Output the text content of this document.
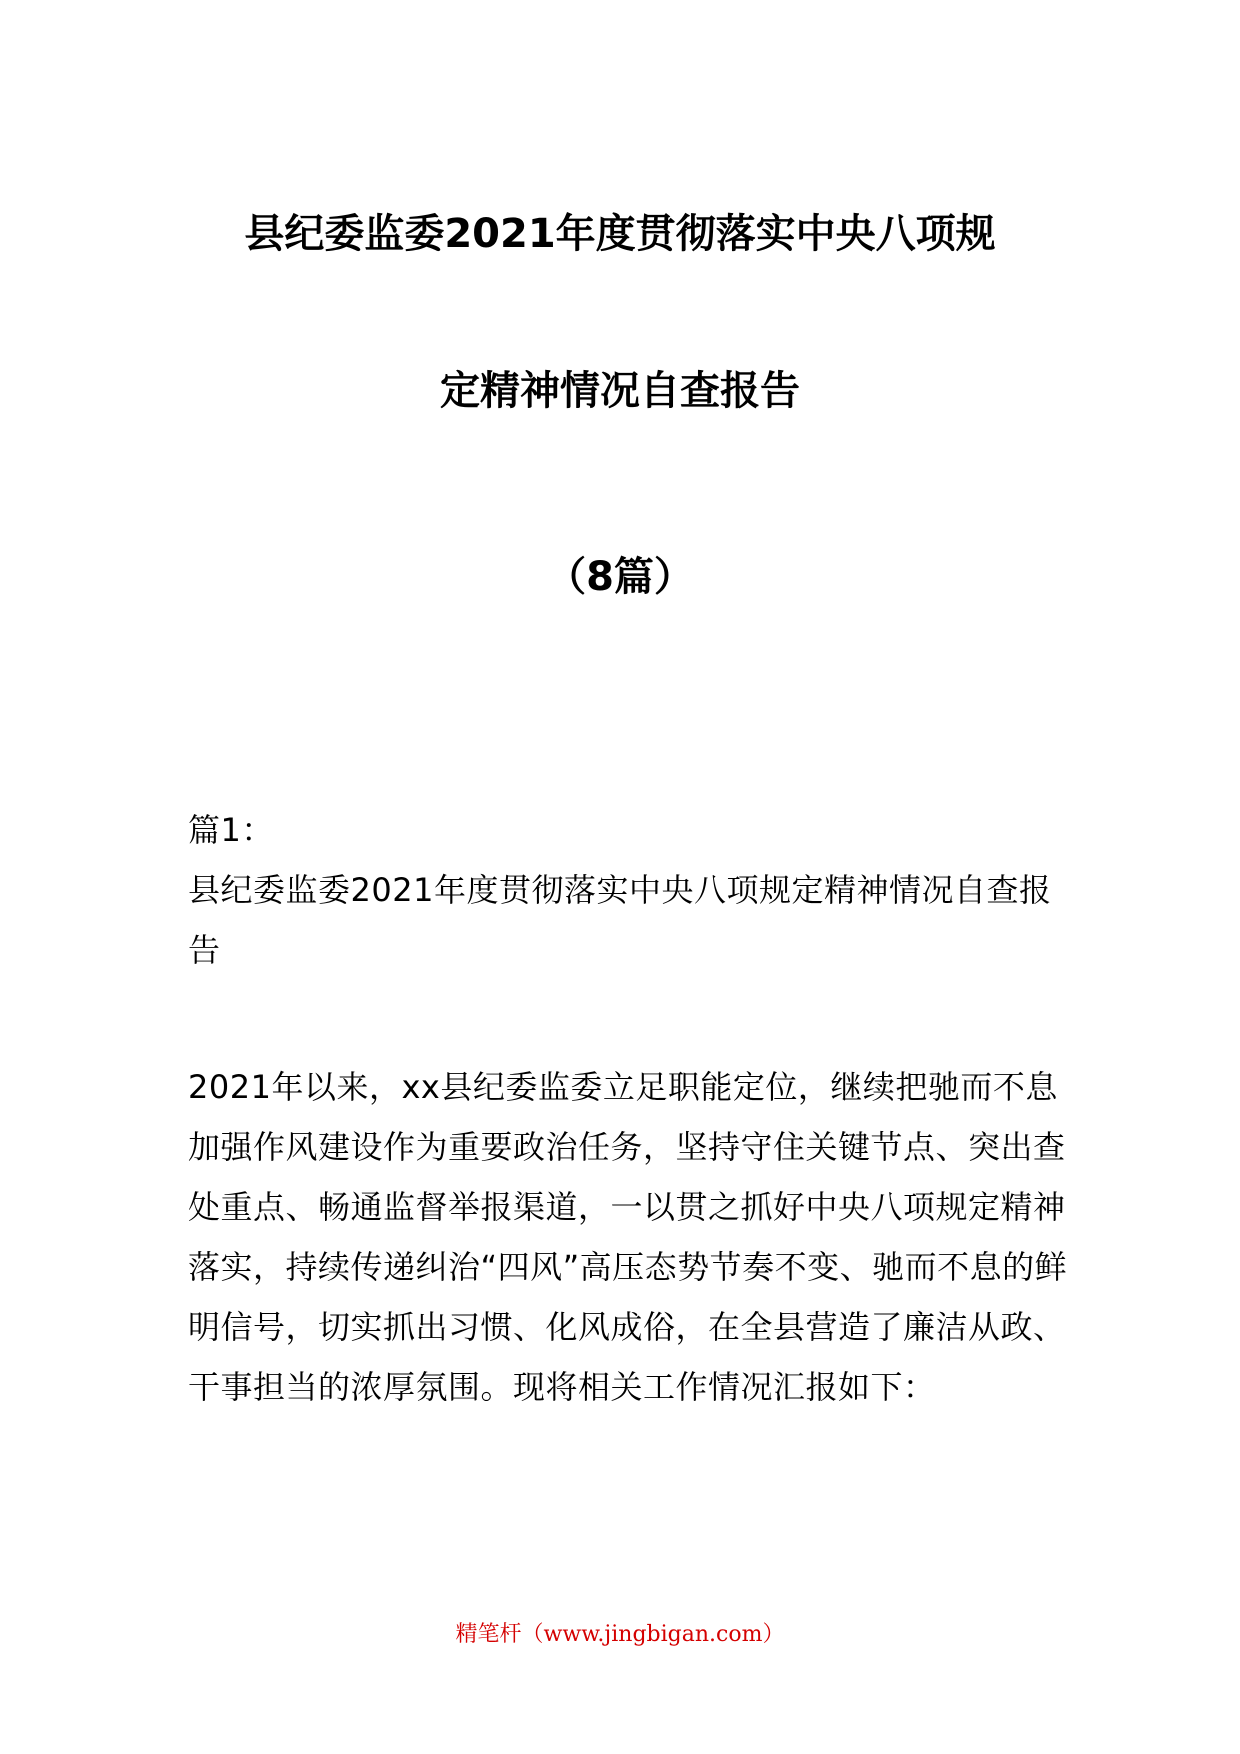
县纪委监委2021年度贯彻落实中央八项规
定精神情况自查报告
（8篇）
篇1：
县纪委监委2021年度贯彻落实中央八项规定精神情况自查报告
2021年以来，xx县纪委监委立足职能定位，继续把驰而不息加强作风建设作为重要政治任务，坚持守住关键节点、突出查处重点、畅通监督举报渠道，一以贯之抓好中央八项规定精神落实，持续传递纠治“四风”高压态势节奏不变、驰而不息的鲜明信号，切实抓出习惯、化风成俗，在全县营造了廉洁从政、干事担当的浓厚氛围。现将相关工作情况汇报如下：
精笔杆（www.jingbigan.com）
